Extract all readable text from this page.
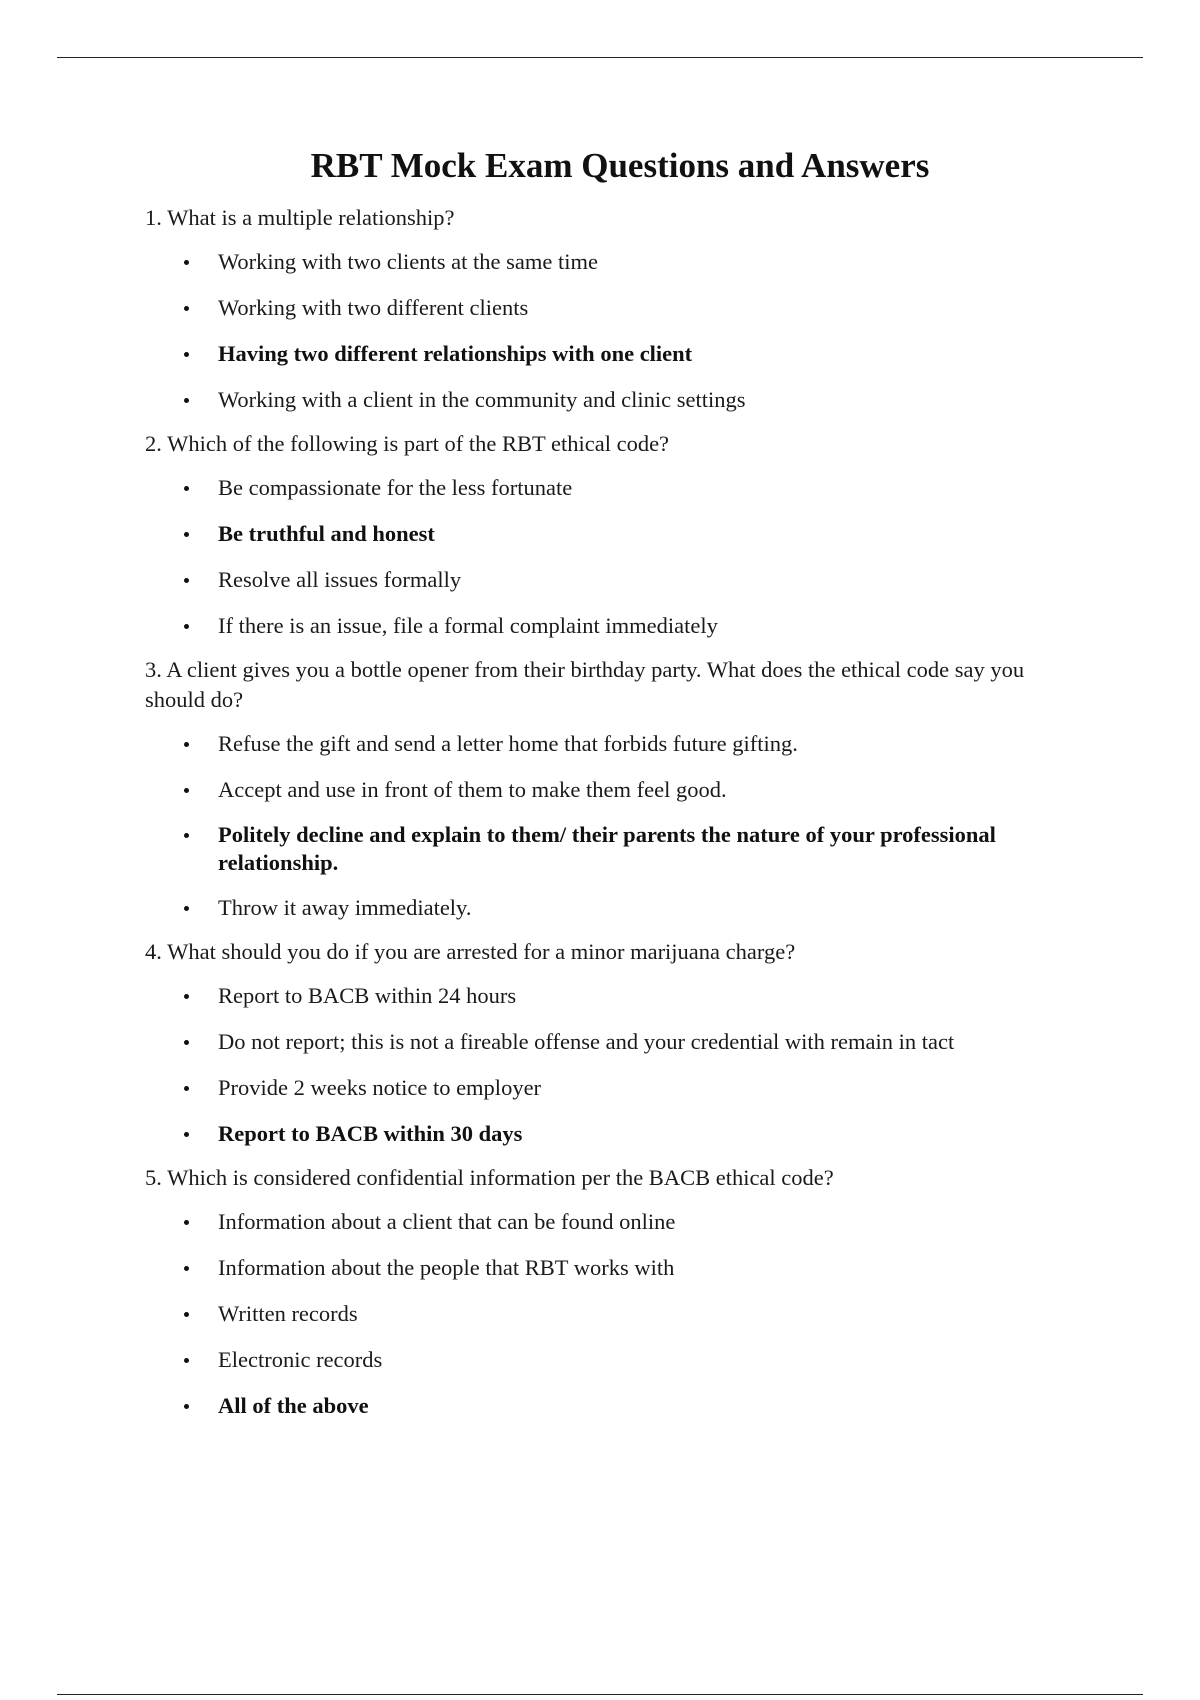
RBT Mock Exam Questions and Answers

1. What is a multiple relationship?

Working with two clients at the same time
Working with two different clients
Having two different relationships with one client
Working with a client in the community and clinic settings

2. Which of the following is part of the RBT ethical code?

Be compassionate for the less fortunate
Be truthful and honest
Resolve all issues formally
If there is an issue, file a formal complaint immediately

3. A client gives you a bottle opener from their birthday party. What does the ethical code say you should do?

Refuse the gift and send a letter home that forbids future gifting.
Accept and use in front of them to make them feel good.
Politely decline and explain to them/ their parents the nature of your professional relationship.
Throw it away immediately.

4. What should you do if you are arrested for a minor marijuana charge?

Report to BACB within 24 hours
Do not report; this is not a fireable offense and your credential with remain in tact
Provide 2 weeks notice to employer
Report to BACB within 30 days

5. Which is considered confidential information per the BACB ethical code?

Information about a client that can be found online
Information about the people that RBT works with
Written records
Electronic records
All of the above
